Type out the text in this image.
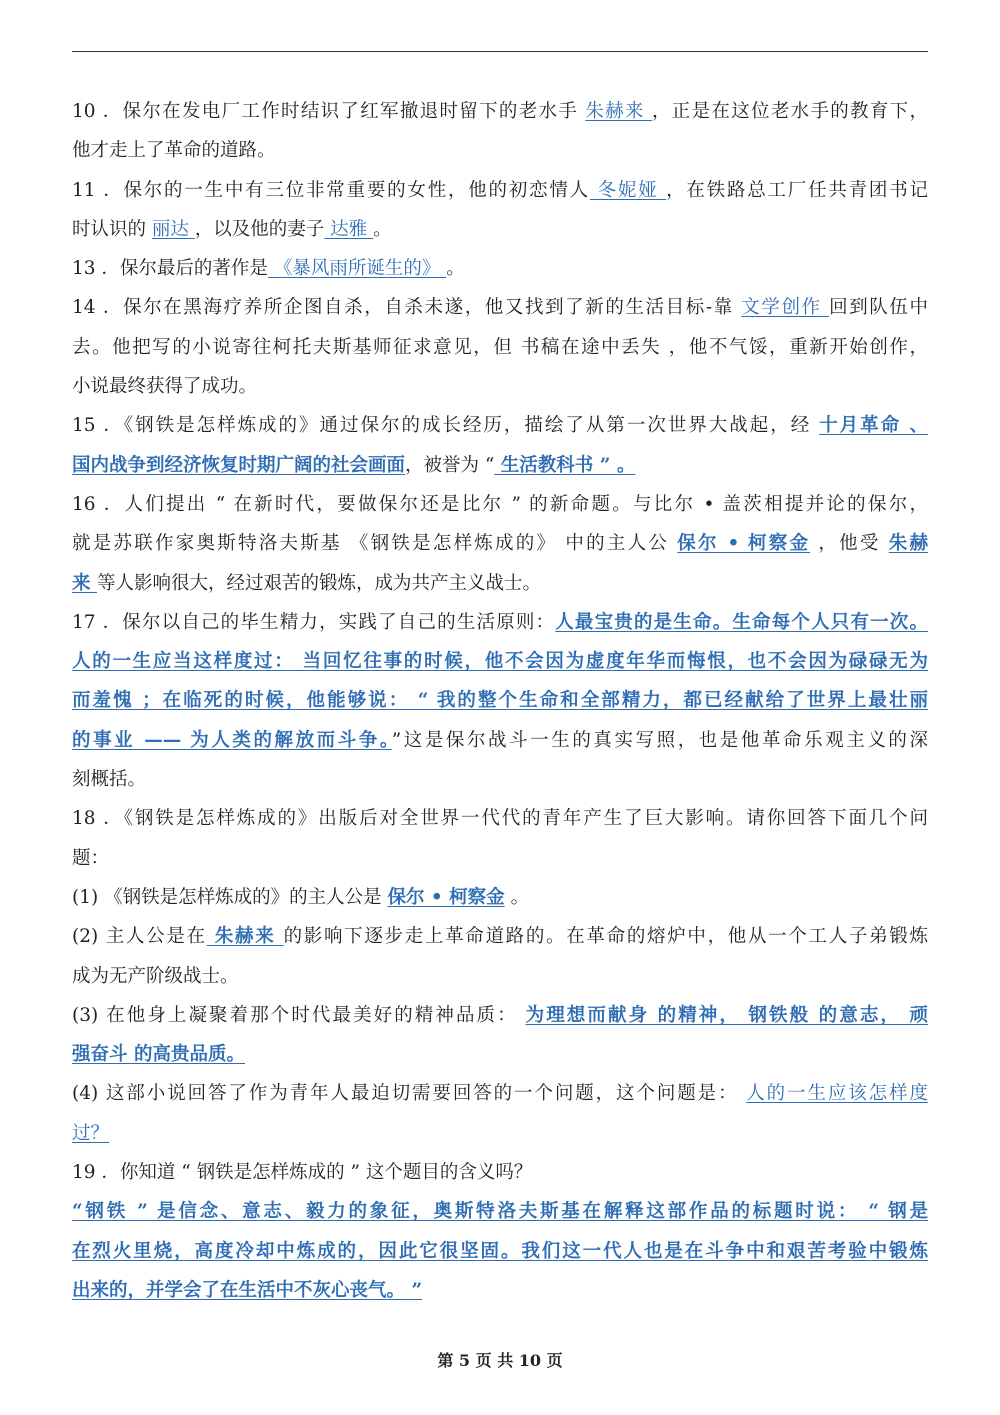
10 ．保尔在发电厂工作时结识了红军撤退时留下的老水手 朱赫来 ，正是在这位老水手的教育下，
他才走上了革命的道路。
11 ．保尔的一生中有三位非常重要的女性，他的初恋情人 冬妮娅 ，在铁路总工厂任共青团书记
时认识的 丽达 ，以及他的妻子 达雅 。
13 ．保尔最后的著作是 《暴风雨所诞生的》 。
14 ．保尔在黑海疗养所企图自杀，自杀未遂，他又找到了新的生活目标-靠 文学创作 回到队伍中
去。他把写的小说寄往柯托夫斯基师征求意见，但 书稿在途中丢失 ，他不气馁，重新开始创作，
小说最终获得了成功。
15 ．《钢铁是怎样炼成的》通过保尔的成长经历，描绘了从第一次世界大战起，经 十月革命 、
国内战争到经济恢复时期广阔的社会画面，被誉为 “ 生活教科书 ” 。
16 ．人们提出 “ 在新时代，要做保尔还是比尔 ” 的新命题。与比尔 • 盖茨相提并论的保尔，
就是苏联作家奥斯特洛夫斯基 《钢铁是怎样炼成的》 中的主人公 保尔 • 柯察金 ，他受 朱赫
来 等人影响很大，经过艰苦的锻炼，成为共产主义战士。
17 ．保尔以自己的毕生精力，实践了自己的生活原则：人最宝贵的是生命。生命每个人只有一次。
人的一生应当这样度过： 当回忆往事的时候，他不会因为虚度年华而悔恨，也不会因为碌碌无为
而羞愧 ；在临死的时候，他能够说： “ 我的整个生命和全部精力，都已经献给了世界上最壮丽
的事业 —— 为人类的解放而斗争。”这是保尔战斗一生的真实写照，也是他革命乐观主义的深
刻概括。
18 ．《钢铁是怎样炼成的》出版后对全世界一代代的青年产生了巨大影响。请你回答下面几个问
题：
(1) 《钢铁是怎样炼成的》的主人公是 保尔 • 柯察金 。
(2) 主人公是在 朱赫来 的影响下逐步走上革命道路的。在革命的熔炉中，他从一个工人子弟锻炼
成为无产阶级战士。
(3) 在他身上凝聚着那个时代最美好的精神品质： 为理想而献身 的精神， 钢铁般 的意志， 顽
强奋斗 的高贵品质。
(4) 这部小说回答了作为青年人最迫切需要回答的一个问题，这个问题是： 人的一生应该怎样度
过？
19 ．你知道 “ 钢铁是怎样炼成的 ” 这个题目的含义吗？
“钢铁 ” 是信念、意志、毅力的象征，奥斯特洛夫斯基在解释这部作品的标题时说： “ 钢是
在烈火里烧，高度冷却中炼成的，因此它很坚固。我们这一代人也是在斗争中和艰苦考验中锻炼
出来的，并学会了在生活中不灰心丧气。 ”
第 5 页 共 10 页
